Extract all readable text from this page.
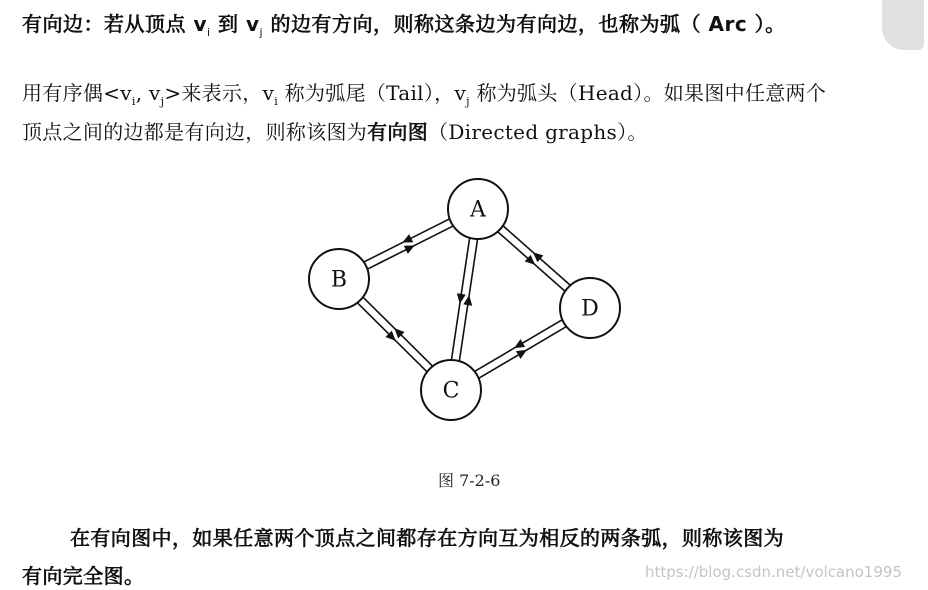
有向边：若从顶点 $v_i$ 到 $v_j$ 的边有方向，则称这条边为有向边，也称为弧（ Arc ）。
用有序偶$<v_i$, $v_j>$来表示，$v_i$ 称为弧尾（Tail），$v_j$ 称为弧头（Head）。如果图中任意两个
顶点之间的边都是有向边，则称该图为有向图（Directed graphs）。
A
B
C
D
图 7-2-6
在有向图中，如果任意两个顶点之间都存在方向互为相反的两条弧，则称该图为
有向完全图。	https://blog.csdn.net/volcano1995
